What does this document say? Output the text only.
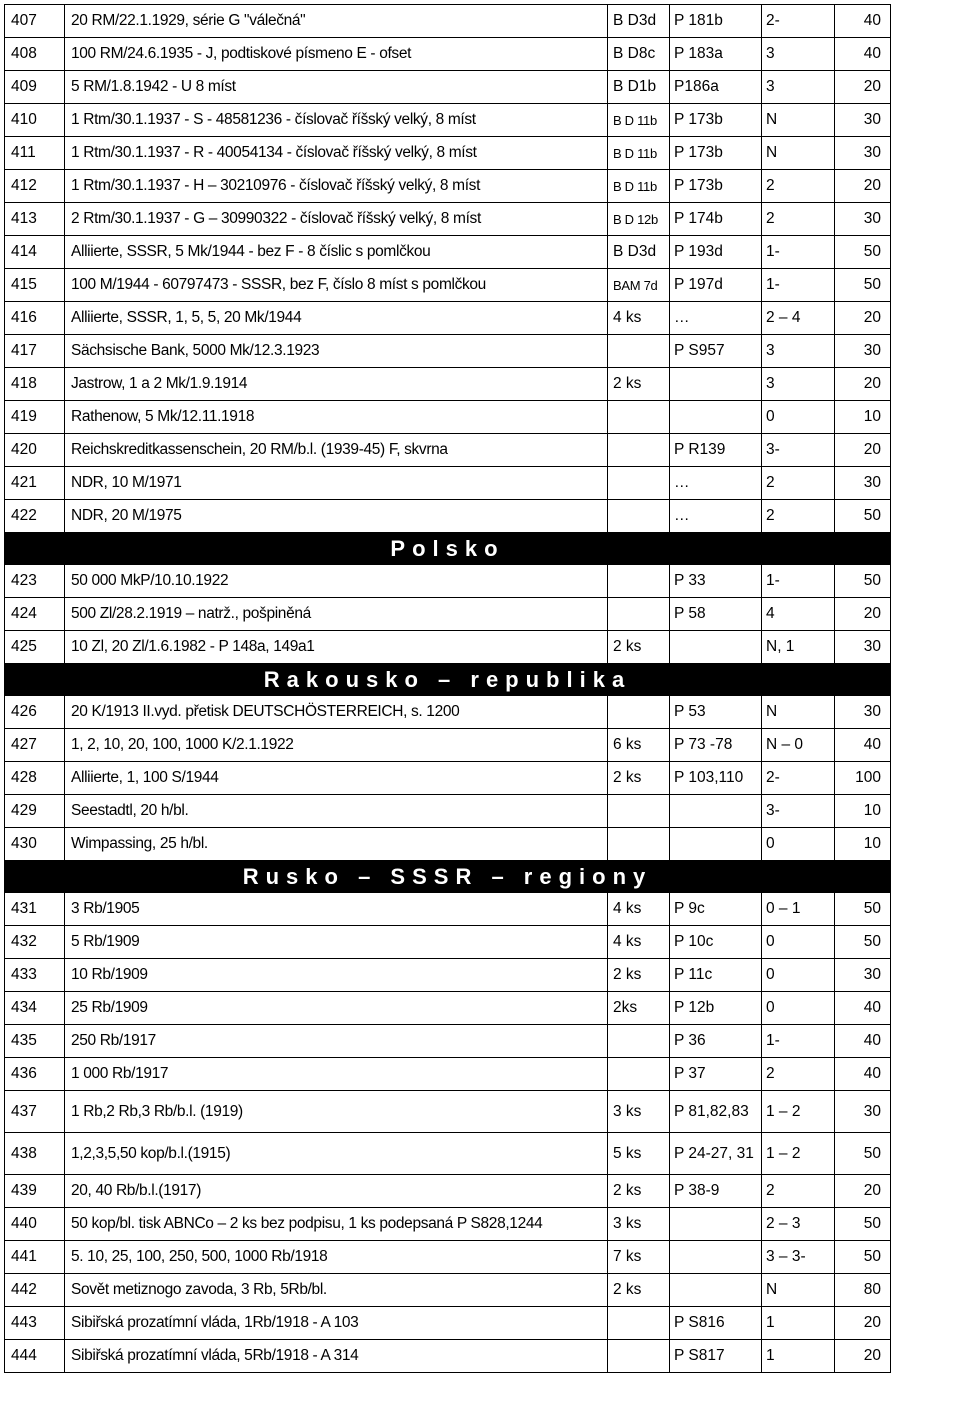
407	20 RM/22.1.1929, série G "válečná"	B D3d	P 181b	2-	40
408	100 RM/24.6.1935 - J, podtiskové písmeno E - ofset	B D8c	P 183a	3	40
409	5 RM/1.8.1942 - U 8 míst	B D1b	P186a	3	20
410	1 Rtm/30.1.1937 - S - 48581236 - číslovač říšský velký, 8 míst	B D 11b	P 173b	N	30
411	1 Rtm/30.1.1937 - R - 40054134 - číslovač říšský velký, 8 míst	B D 11b	P 173b	N	30
412	1 Rtm/30.1.1937 - H – 30210976 - číslovač říšský velký, 8 míst	B D 11b	P 173b	2	20
413	2 Rtm/30.1.1937 - G – 30990322 - číslovač říšský velký, 8 míst	B D 12b	P 174b	2	30
414	Alliierte, SSSR, 5 Mk/1944 - bez F - 8 číslic s pomlčkou	B D3d	P 193d	1-	50
415	100 M/1944 - 60797473 - SSSR, bez F, číslo 8 míst s pomlčkou	BAM 7d	P 197d	1-	50
416	Alliierte, SSSR, 1, 5, 5, 20 Mk/1944	4 ks	…	2 – 4	20
417	Sächsische Bank, 5000 Mk/12.3.1923		P S957	3	30
418	Jastrow, 1 a 2 Mk/1.9.1914	2 ks		3	20
419	Rathenow, 5 Mk/12.11.1918			0	10
420	Reichskreditkassenschein, 20 RM/b.l. (1939-45) F, skvrna		P R139	3-	20
421	NDR, 10 M/1971		…	2	30
422	NDR, 20 M/1975		…	2	50
Polsko					
423	50 000 MkP/10.10.1922		P 33	1-	50
424	500 Zl/28.2.1919 – natrž., pošpiněná		P 58	4	20
425	10 Zl, 20 Zl/1.6.1982 - P 148a, 149a1	2 ks		N, 1	30
Rakousko – republika					
426	20 K/1913 II.vyd. přetisk DEUTSCHÖSTERREICH, s. 1200		P 53	N	30
427	1, 2, 10, 20, 100, 1000 K/2.1.1922	6 ks	P 73 -78	N – 0	40
428	Alliierte, 1, 100 S/1944	2 ks	P 103,110	2-	100
429	Seestadtl, 20 h/bl.			3-	10
430	Wimpassing, 25 h/bl.			0	10
Rusko – SSSR – regiony					
431	3 Rb/1905	4 ks	P 9c	0 – 1	50
432	5 Rb/1909	4 ks	P 10c	0	50
433	10 Rb/1909	2 ks	P 11c	0	30
434	25 Rb/1909	2ks	P 12b	0	40
435	250 Rb/1917		P 36	1-	40
436	1 000 Rb/1917		P 37	2	40
437	1 Rb,2 Rb,3 Rb/b.l. (1919)	3 ks	P 81,82,83	1 – 2	30
438	1,2,3,5,50 kop/b.l.(1915)	5 ks	P 24-27, 31	1 – 2	50
439	20, 40 Rb/b.l.(1917)	2 ks	P 38-9	2	20
440	50 kop/bl. tisk ABNCo – 2 ks bez podpisu, 1 ks podepsaná P S828,1244	3 ks		2 – 3	50
441	5. 10, 25, 100, 250, 500, 1000 Rb/1918	7 ks		3 – 3-	50
442	Sovět metiznogo zavoda, 3 Rb, 5Rb/bl.	2 ks		N	80
443	Sibiřská prozatímní vláda, 1Rb/1918 - A 103		P S816	1	20
444	Sibiřská prozatímní vláda, 5Rb/1918 - A 314		P S817	1	20
